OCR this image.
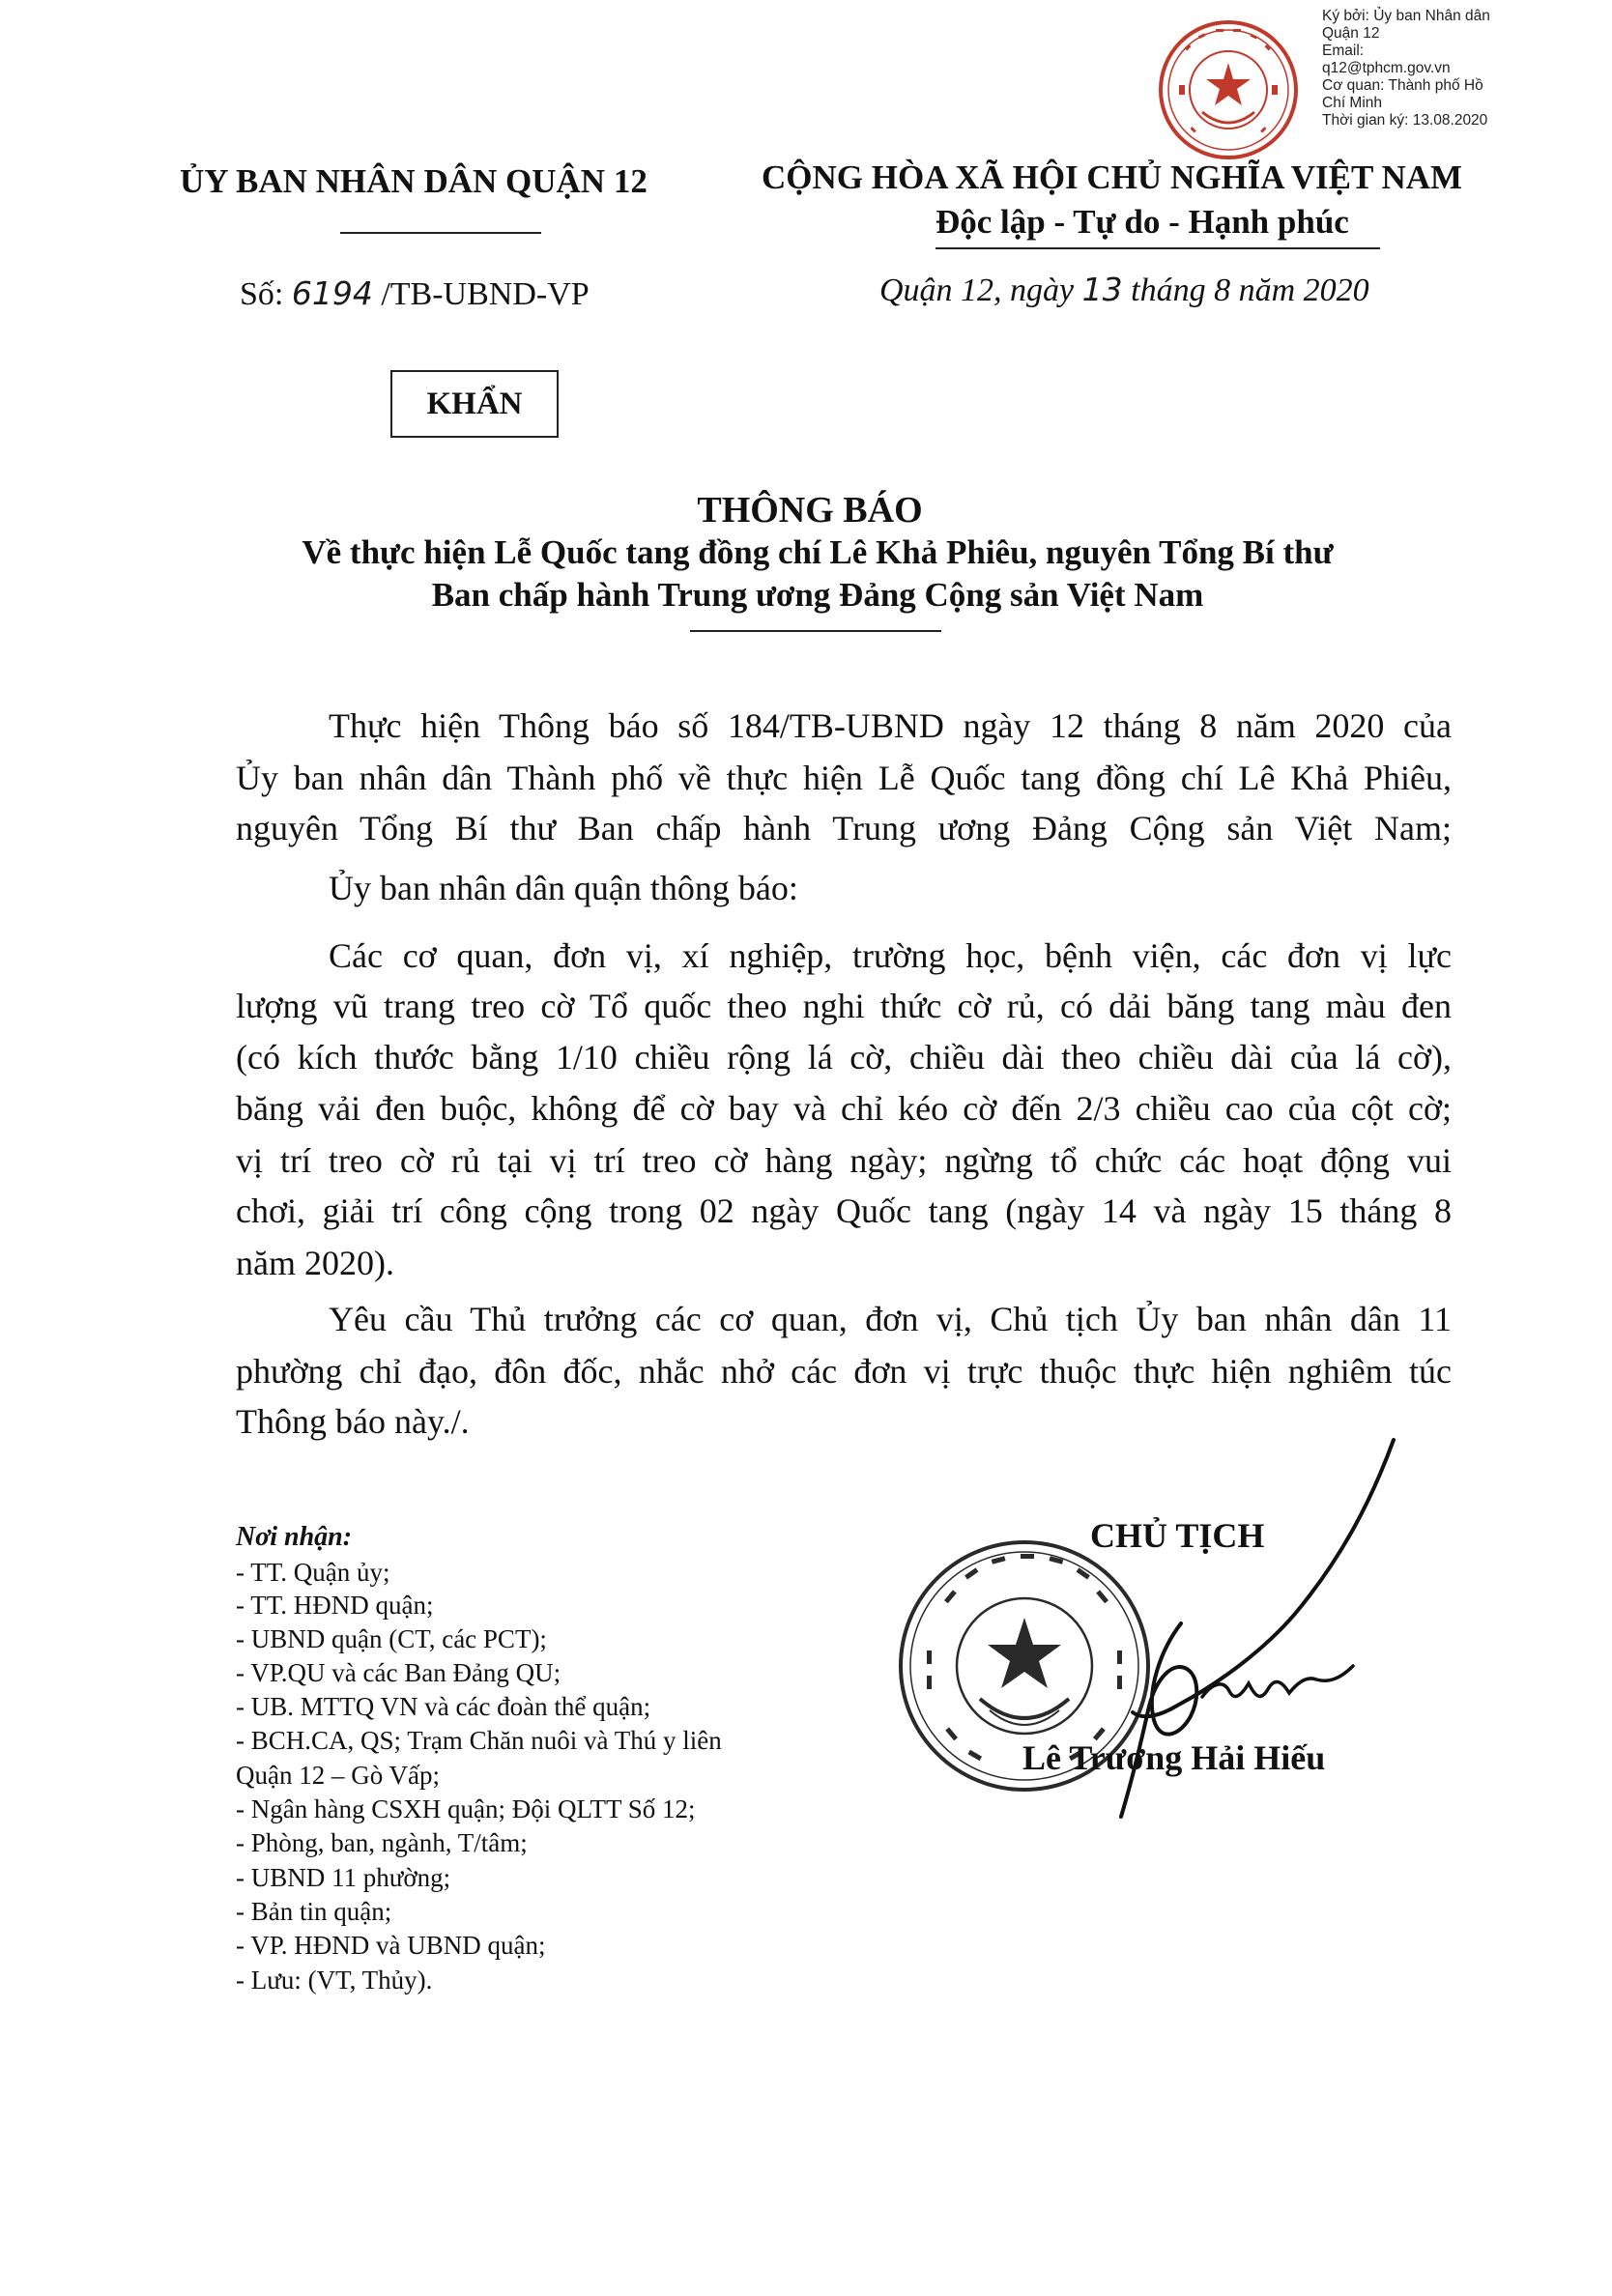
Ký bởi: Ủy ban Nhân dân
Quận 12
Email:
q12@tphcm.gov.vn
Cơ quan: Thành phố Hồ
Chí Minh
Thời gian ký: 13.08.2020
ỦY BAN NHÂN DÂN QUẬN 12	CỘNG HÒA XÃ HỘI CHỦ NGHĨA VIỆT NAM
Độc lập - Tự do - Hạnh phúc
Số: 6194 /TB-UBND-VP	Quận 12, ngày 13 tháng 8 năm 2020
KHẨN
THÔNG BÁO
Về thực hiện Lễ Quốc tang đồng chí Lê Khả Phiêu, nguyên Tổng Bí thư
Ban chấp hành Trung ương Đảng Cộng sản Việt Nam
Thực hiện Thông báo số 184/TB-UBND ngày 12 tháng 8 năm 2020 của
Ủy ban nhân dân Thành phố về thực hiện Lễ Quốc tang đồng chí Lê Khả Phiêu,
nguyên Tổng Bí thư Ban chấp hành Trung ương Đảng Cộng sản Việt Nam;
Ủy ban nhân dân quận thông báo:
Các cơ quan, đơn vị, xí nghiệp, trường học, bệnh viện, các đơn vị lực
lượng vũ trang treo cờ Tổ quốc theo nghi thức cờ rủ, có dải băng tang màu đen
(có kích thước bằng 1/10 chiều rộng lá cờ, chiều dài theo chiều dài của lá cờ),
băng vải đen buộc, không để cờ bay và chỉ kéo cờ đến 2/3 chiều cao của cột cờ;
vị trí treo cờ rủ tại vị trí treo cờ hàng ngày; ngừng tổ chức các hoạt động vui
chơi, giải trí công cộng trong 02 ngày Quốc tang (ngày 14 và ngày 15 tháng 8
năm 2020).
Yêu cầu Thủ trưởng các cơ quan, đơn vị, Chủ tịch Ủy ban nhân dân 11
phường chỉ đạo, đôn đốc, nhắc nhở các đơn vị trực thuộc thực hiện nghiêm túc
Thông báo này./.
Nơi nhận:
- TT. Quận ủy;
- TT. HĐND quận;
- UBND quận (CT, các PCT);
- VP.QU và các Ban Đảng QU;
- UB. MTTQ VN và các đoàn thể quận;
- BCH.CA, QS; Trạm Chăn nuôi và Thú y liên
Quận 12 – Gò Vấp;
- Ngân hàng CSXH quận; Đội QLTT Số 12;
- Phòng, ban, ngành, T/tâm;
- UBND 11 phường;
- Bản tin quận;
- VP. HĐND và UBND quận;
- Lưu: (VT, Thủy).
CHỦ TỊCH
Lê Trương Hải Hiếu
